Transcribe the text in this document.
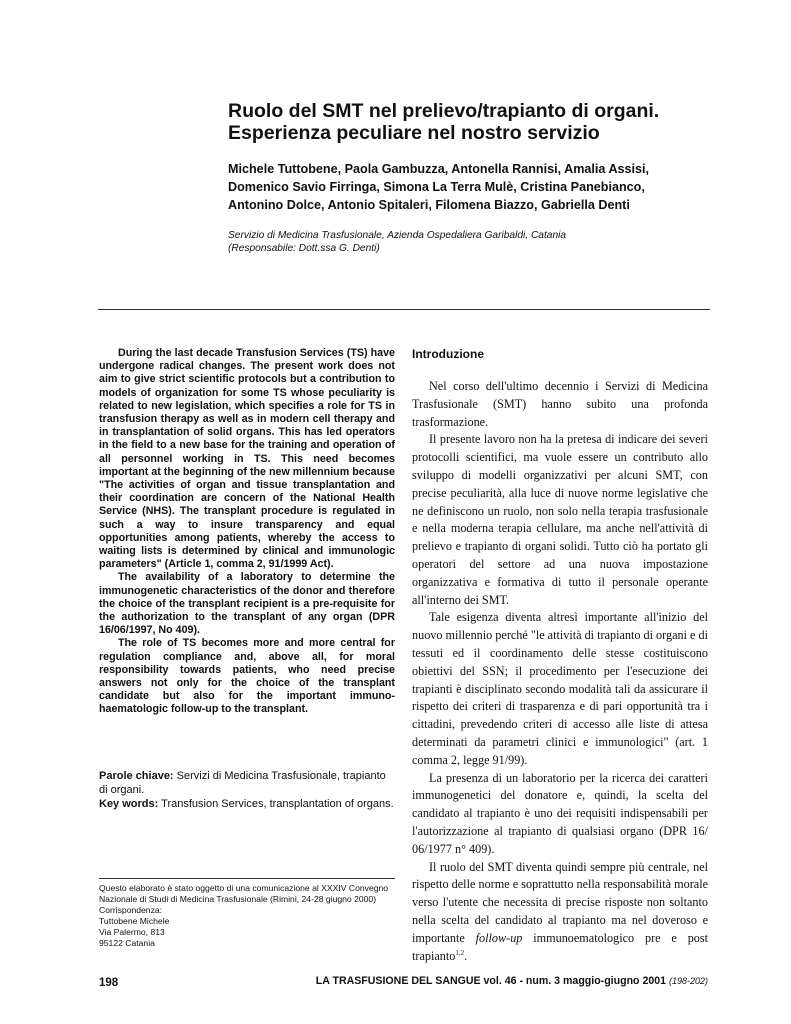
Ruolo del SMT nel prelievo/trapianto di organi.
Esperienza peculiare nel nostro servizio
Michele Tuttobene, Paola Gambuzza, Antonella Rannisi, Amalia Assisi,
Domenico Savio Firringa, Simona La Terra Mulè, Cristina Panebianco,
Antonino Dolce, Antonio Spitaleri, Filomena Biazzo, Gabriella Denti
Servizio di Medicina Trasfusionale, Azienda Ospedaliera Garibaldi, Catania
(Responsabile: Dott.ssa G. Denti)

During the last decade Transfusion Services (TS) have undergone radical changes. The present work does not aim to give strict scientific protocols but a contribution to models of organization for some TS whose peculiarity is related to new legislation, which specifies a role for TS in transfusion therapy as well as in modern cell therapy and in transplantation of solid organs. This has led operators in the field to a new base for the training and operation of all personnel working in TS. This need becomes important at the beginning of the new millennium because "The activities of organ and tissue transplantation and their coordination are concern of the National Health Service (NHS). The transplant procedure is regulated in such a way to insure transparency and equal opportunities among patients, whereby the access to waiting lists is determined by clinical and immunologic parameters" (Article 1, comma 2, 91/1999 Act).

The availability of a laboratory to determine the immunogenetic characteristics of the donor and therefore the choice of the transplant recipient is a pre-requisite for the authorization to the transplant of any organ (DPR 16/06/1997, No 409).

The role of TS becomes more and more central for regulation compliance and, above all, for moral responsibility towards patients, who need precise answers not only for the choice of the transplant candidate but also for the important immuno-haematologic follow-up to the transplant.

Parole chiave: Servizi di Medicina Trasfusionale, trapianto di organi.

Key words: Transfusion Services, transplantation of organs.

Questo elaborato è stato oggetto di una comunicazione al XXXIV Convegno
Nazionale di Studi di Medicina Trasfusionale (Rimini, 24-28 giugno 2000)
Corrispondenza:
Tuttobene Michele
Via Palermo, 813
95122 Catania
Introduzione

Nel corso dell'ultimo decennio i Servizi di Medicina Trasfusionale (SMT) hanno subito una profonda trasformazione.

Il presente lavoro non ha la pretesa di indicare dei severi protocolli scientifici, ma vuole essere un contributo allo sviluppo di modelli organizzativi per alcuni SMT, con precise peculiarità, alla luce di nuove norme legislative che ne definiscono un ruolo, non solo nella terapia trasfusionale e nella moderna terapia cellulare, ma anche nell'attività di prelievo e trapianto di organi solidi. Tutto ciò ha portato gli operatori del settore ad una nuova impostazione organizzativa e formativa di tutto il personale operante all'interno dei SMT.

Tale esigenza diventa altresì importante all'inizio del nuovo millennio perché "le attività di trapianto di organi e di tessuti ed il coordinamento delle stesse costituiscono obiettivi del SSN; il procedimento per l'esecuzione dei trapianti è disciplinato secondo modalità tali da assicurare il rispetto dei criteri di trasparenza e di pari opportunità tra i cittadini, prevedendo criteri di accesso alle liste di attesa determinati da parametri clinici e immunologici" (art. 1 comma 2, legge 91/99).

La presenza di un laboratorio per la ricerca dei caratteri immunogenetici del donatore e, quindi, la scelta del candidato al trapianto è uno dei requisiti indispensabili per l'autorizzazione al trapianto di qualsiasi organo (DPR 16/ 06/1977 n° 409).

Il ruolo del SMT diventa quindi sempre più centrale, nel rispetto delle norme e soprattutto nella responsabilità morale verso l'utente che necessita di precise risposte non soltanto nella scelta del candidato al trapianto ma nel doveroso e importante follow-up immunoematologico pre e post trapianto$^{1,2}$.

198	LA TRASFUSIONE DEL SANGUE vol. 46 - num. 3 maggio-giugno 2001 (198-202)
